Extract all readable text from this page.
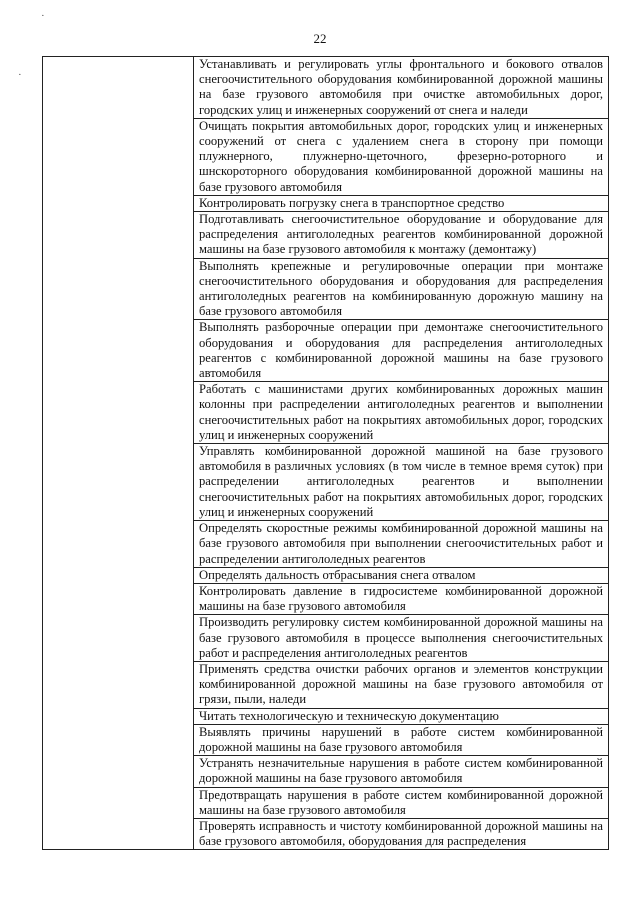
·
·
22
Устанавливать и регулировать углы фронтального и бокового отвалов снегоочистительного оборудования комбинированной дорожной машины на базе грузового автомобиля при очистке автомобильных дорог, городских улиц и инженерных сооружений от снега и наледи
Очищать покрытия автомобильных дорог, городских улиц и инженерных сооружений от снега с удалением снега в сторону при помощи плужнерного, плужнерно-щеточного, фрезерно-роторного и шнскороторного оборудования комбинированной дорожной машины на базе грузового автомобиля
Контролировать погрузку снега в транспортное средство
Подготавливать снегоочистительное оборудование и оборудование для распределения антигололедных реагентов комбинированной дорожной машины на базе грузового автомобиля к монтажу (демонтажу)
Выполнять крепежные и регулировочные операции при монтаже снегоочистительного оборудования и оборудования для распределения антигололедных реагентов на комбинированную дорожную машину на базе грузового автомобиля
Выполнять разборочные операции при демонтаже снегоочистительного оборудования и оборудования для распределения антигололедных реагентов с комбинированной дорожной машины на базе грузового автомобиля
Работать с машинистами других комбинированных дорожных машин колонны при распределении антигололедных реагентов и выполнении снегоочистительных работ на покрытиях автомобильных дорог, городских улиц и инженерных сооружений
Управлять комбинированной дорожной машиной на базе грузового автомобиля в различных условиях (в том числе в темное время суток) при распределении антигололедных реагентов и выполнении снегоочистительных работ на покрытиях автомобильных дорог, городских улиц и инженерных сооружений
Определять скоростные режимы комбинированной дорожной машины на базе грузового автомобиля при выполнении снегоочистительных работ и распределении антигололедных реагентов
Определять дальность отбрасывания снега отвалом
Контролировать давление в гидросистеме комбинированной дорожной машины на базе грузового автомобиля
Производить регулировку систем комбинированной дорожной машины на базе грузового автомобиля в процессе выполнения снегоочистительных работ и распределения антигололедных реагентов
Применять средства очистки рабочих органов и элементов конструкции комбинированной дорожной машины на базе грузового автомобиля от грязи, пыли, наледи
Читать технологическую и техническую документацию
Выявлять причины нарушений в работе систем комбинированной дорожной машины на базе грузового автомобиля
Устранять незначительные нарушения в работе систем комбинированной дорожной машины на базе грузового автомобиля
Предотвращать нарушения в работе систем комбинированной дорожной машины на базе грузового автомобиля
Проверять исправность и чистоту комбинированной дорожной машины на базе грузового автомобиля, оборудования для распределения
